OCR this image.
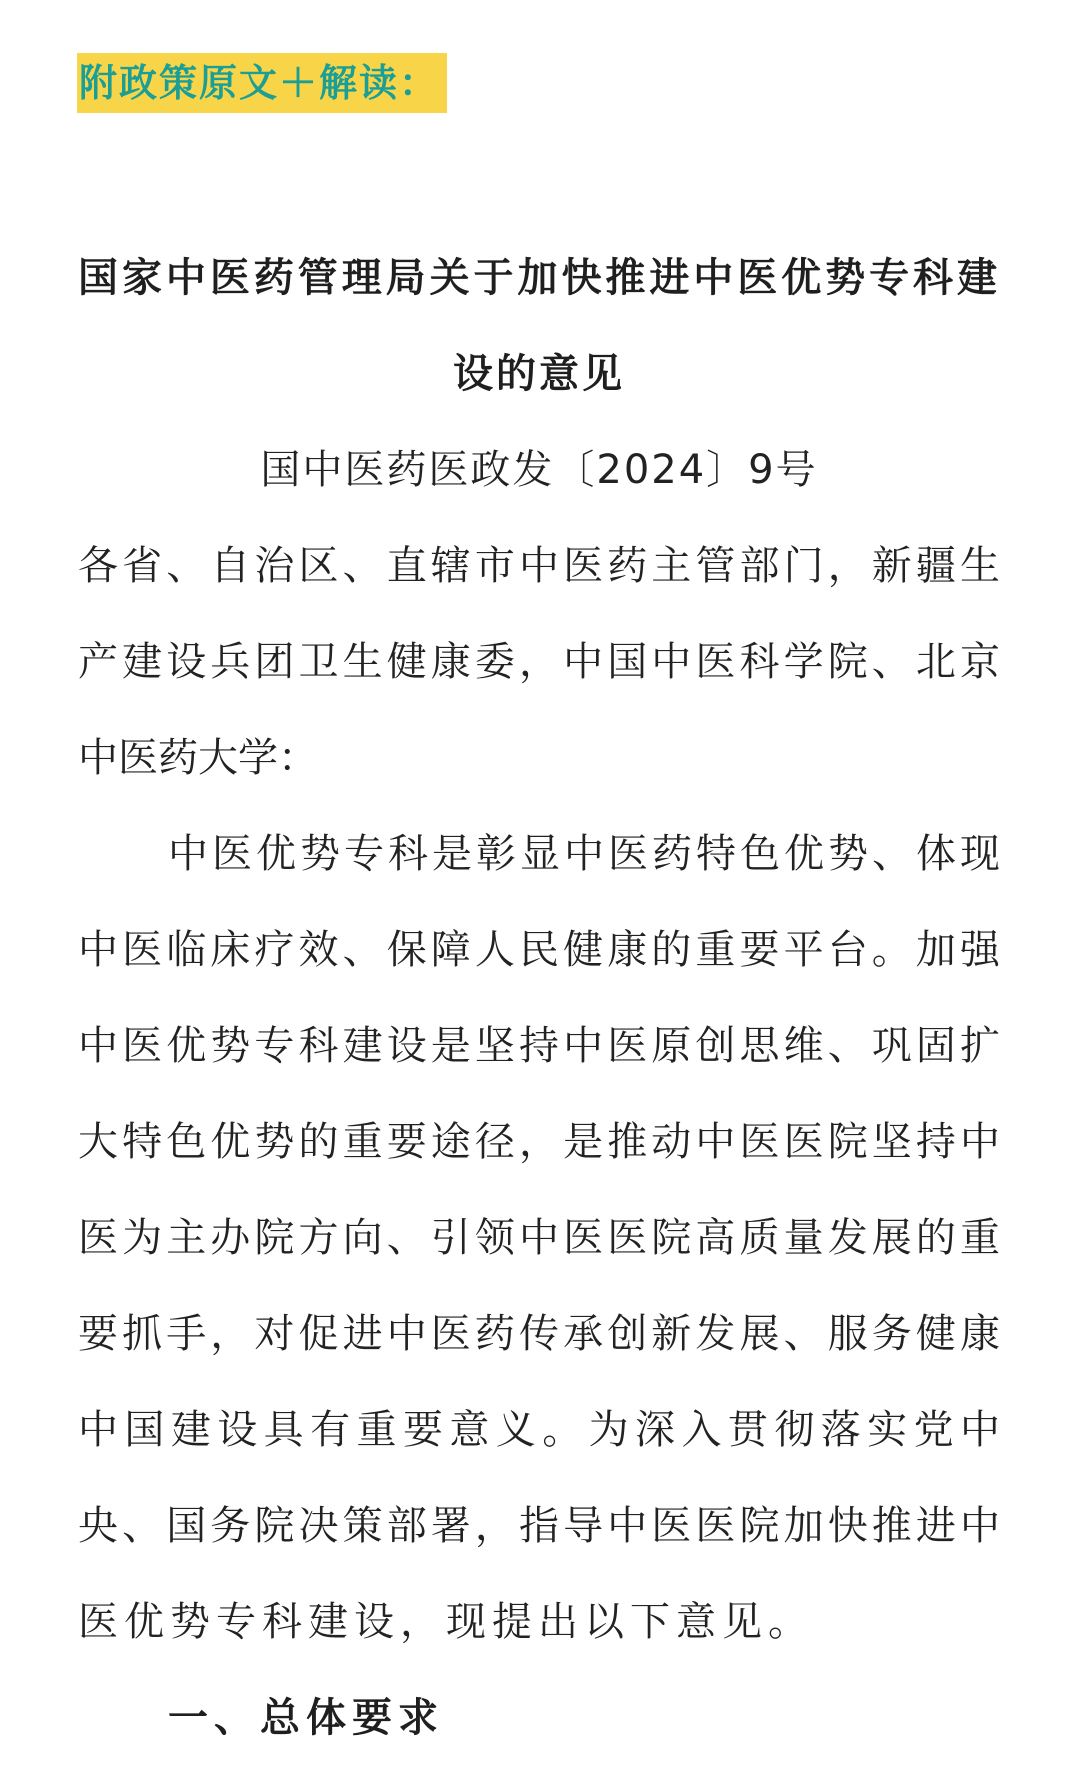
附政策原文＋解读：
国家中医药管理局关于加快推进中医优势专科建
设的意见
国中医药医政发〔2024〕9号
各省、自治区、直辖市中医药主管部门，新疆生
产建设兵团卫生健康委，中国中医科学院、北京
中医药大学：
中医优势专科是彰显中医药特色优势、体现
中医临床疗效、保障人民健康的重要平台。加强
中医优势专科建设是坚持中医原创思维、巩固扩
大特色优势的重要途径，是推动中医医院坚持中
医为主办院方向、引领中医医院高质量发展的重
要抓手，对促进中医药传承创新发展、服务健康
中国建设具有重要意义。为深入贯彻落实党中
央、国务院决策部署，指导中医医院加快推进中
医优势专科建设，现提出以下意见。
一、总体要求
